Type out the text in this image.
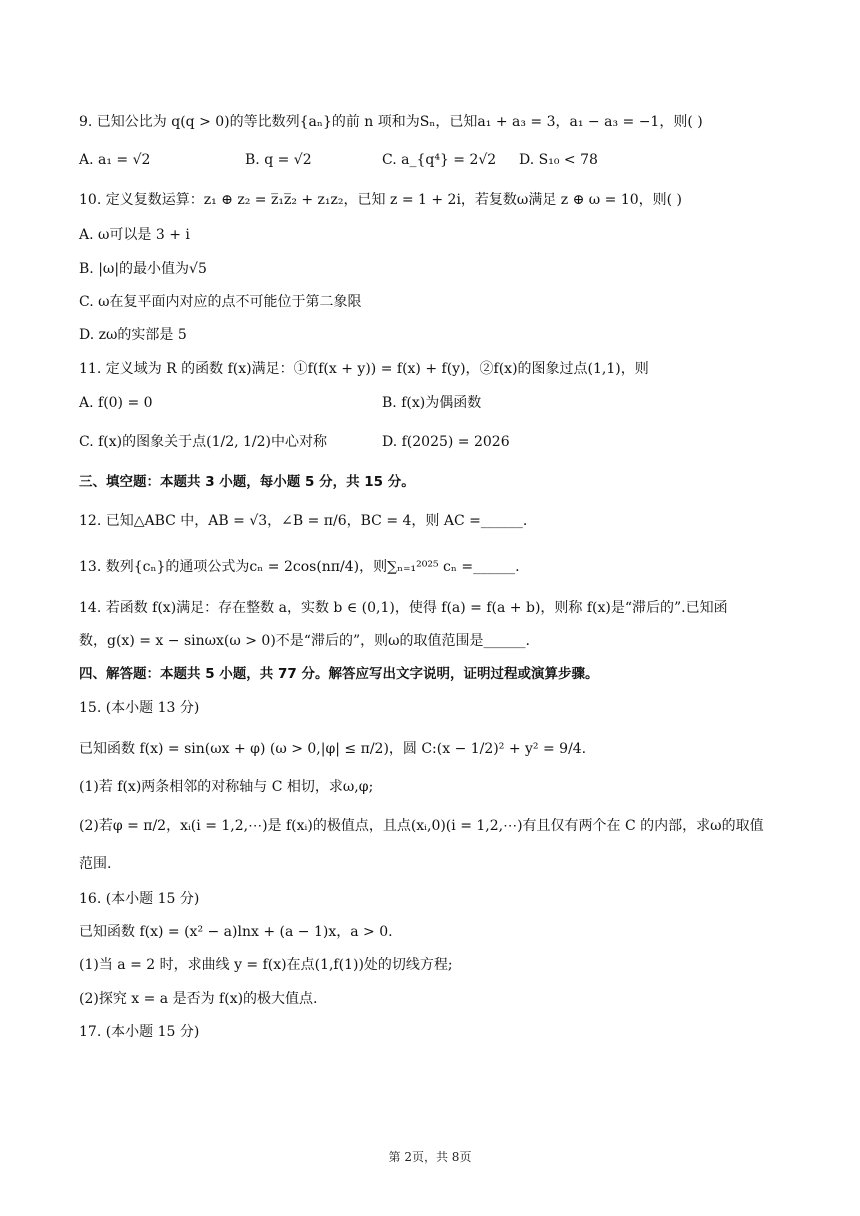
9. 已知公比为 q(q > 0)的等比数列{aₙ}的前 n 项和为Sₙ，已知a₁ + a₃ = 3，a₁ − a₃ = −1，则( )
A. a₁ = √2	B. q = √2	C. a_{q⁴} = 2√2 D. S₁₀ < 78
10. 定义复数运算：z₁ ⊕ z₂ = z̅₁z̅₂ + z₁z₂，已知 z = 1 + 2i，若复数ω满足 z ⊕ ω = 10，则( )
A. ω可以是 3 + i
B. |ω|的最小值为√5
C. ω在复平面内对应的点不可能位于第二象限
D. zω的实部是 5
11. 定义域为 R 的函数 f(x)满足：①f(f(x + y)) = f(x) + f(y)，②f(x)的图象过点(1,1)，则
A. f(0) = 0	B. f(x)为偶函数
C. f(x)的图象关于点(1/2, 1/2)中心对称	D. f(2025) = 2026
三、填空题：本题共 3 小题，每小题 5 分，共 15 分。
12. 已知△ABC 中，AB = √3，∠B = π/6，BC = 4，则 AC =______.
13. 数列{cₙ}的通项公式为cₙ = 2cos(nπ/4)，则∑ₙ₌₁²⁰²⁵ cₙ =______.
14. 若函数 f(x)满足：存在整数 a，实数 b ∈ (0,1)，使得 f(a) = f(a + b)，则称 f(x)是“滞后的”.已知函
数，g(x) = x − sinωx(ω > 0)不是“滞后的”，则ω的取值范围是______.
四、解答题：本题共 5 小题，共 77 分。解答应写出文字说明，证明过程或演算步骤。
15. (本小题 13 分)
已知函数 f(x) = sin(ωx + φ) (ω > 0,|φ| ≤ π/2)，圆 C:(x − 1/2)² + y² = 9/4.
(1)若 f(x)两条相邻的对称轴与 C 相切，求ω,φ;
(2)若φ = π/2，xᵢ(i = 1,2,⋯)是 f(xᵢ)的极值点，且点(xᵢ,0)(i = 1,2,⋯)有且仅有两个在 C 的内部，求ω的取值
范围.
16. (本小题 15 分)
已知函数 f(x) = (x² − a)lnx + (a − 1)x，a > 0.
(1)当 a = 2 时，求曲线 y = f(x)在点(1,f(1))处的切线方程;
(2)探究 x = a 是否为 f(x)的极大值点.
17. (本小题 15 分)
第 2页，共 8页
